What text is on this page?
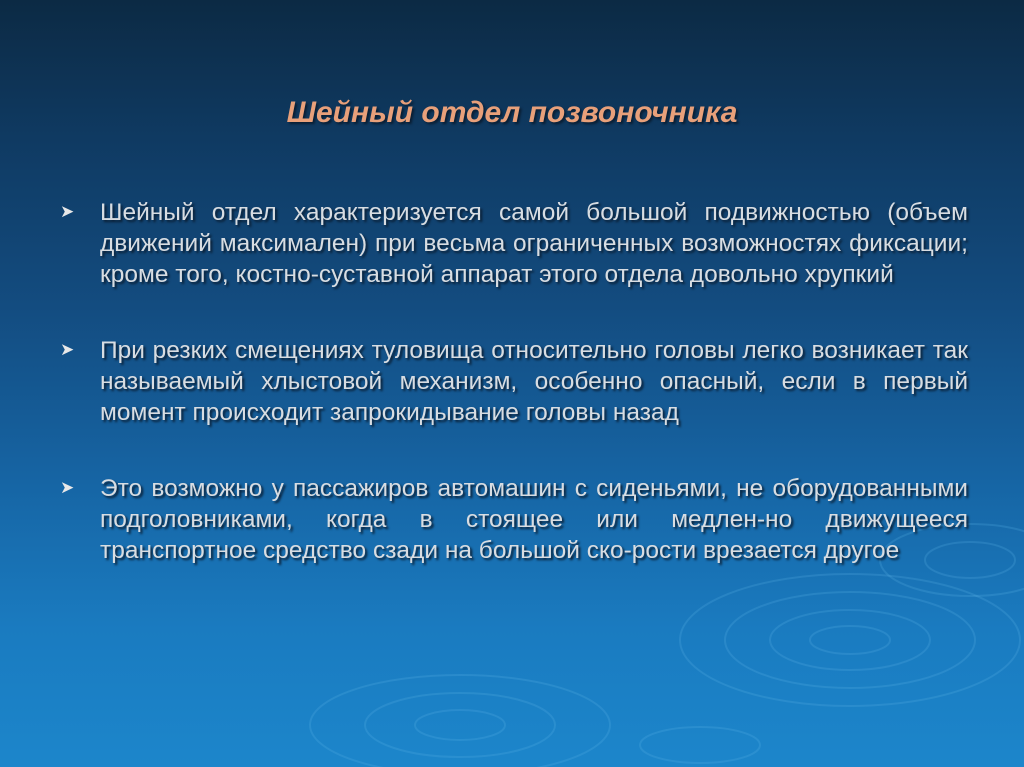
Шейный отдел позвоночника
➤ Шейный отдел характеризуется самой большой подвижностью (объем движений максимален) при весьма ограниченных возможностях фиксации; кроме того, костно-суставной аппарат этого отдела довольно хрупкий
➤ При резких смещениях туловища относительно головы легко возникает так называемый хлыстовой механизм, особенно опасный, если в первый момент происходит запрокидывание головы назад
➤ Это возможно у пассажиров автомашин с сиденьями, не оборудованными подголовниками, когда в стоящее или медлен-но движущееся транспортное средство сзади на большой ско-рости врезается другое
